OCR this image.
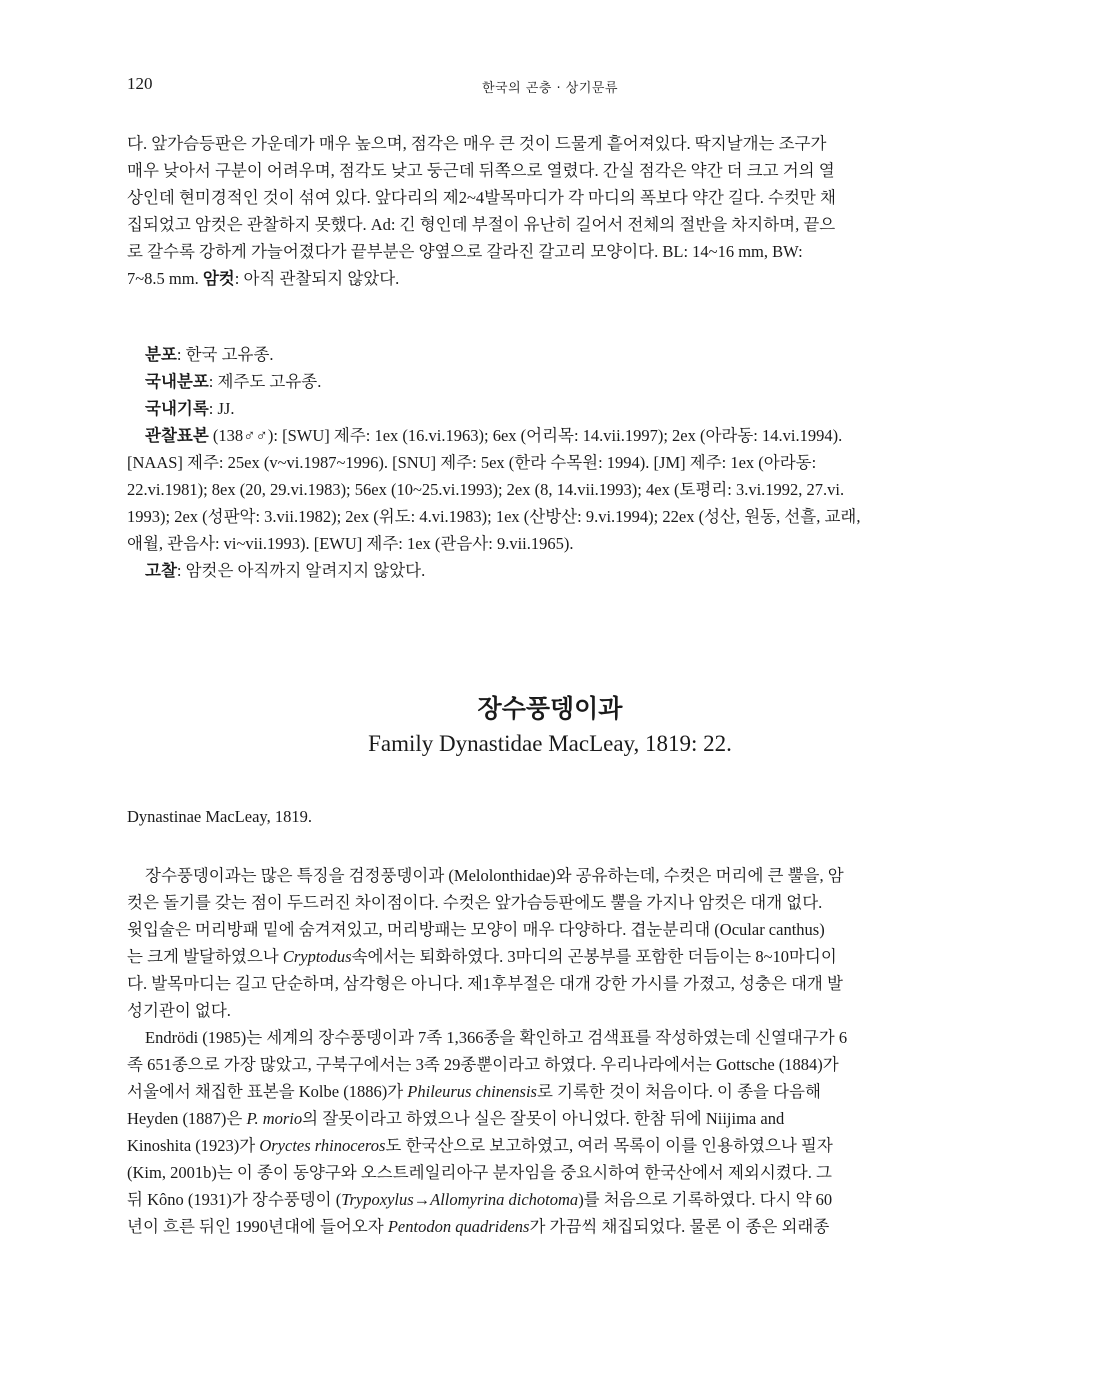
120	한국의 곤충 · 상기문류
다. 앞가슴등판은 가운데가 매우 높으며, 점각은 매우 큰 것이 드물게 흩어져있다. 딱지날개는 조구가
매우 낮아서 구분이 어려우며, 점각도 낮고 둥근데 뒤쪽으로 열렸다. 간실 점각은 약간 더 크고 거의 열
상인데 현미경적인 것이 섞여 있다. 앞다리의 제2~4발목마디가 각 마디의 폭보다 약간 길다. 수컷만 채
집되었고 암컷은 관찰하지 못했다. Ad: 긴 형인데 부절이 유난히 길어서 전체의 절반을 차지하며, 끝으
로 갈수록 강하게 가늘어졌다가 끝부분은 양옆으로 갈라진 갈고리 모양이다. BL: 14~16 mm, BW:
7~8.5 mm. 암컷: 아직 관찰되지 않았다.
분포: 한국 고유종.
국내분포: 제주도 고유종.
국내기록: JJ.
관찰표본 (138♂♂): [SWU] 제주: 1ex (16.vi.1963); 6ex (어리목: 14.vii.1997); 2ex (아라동: 14.vi.1994).
[NAAS] 제주: 25ex (v~vi.1987~1996). [SNU] 제주: 5ex (한라 수목원: 1994). [JM] 제주: 1ex (아라동:
22.vi.1981); 8ex (20, 29.vi.1983); 56ex (10~25.vi.1993); 2ex (8, 14.vii.1993); 4ex (토평리: 3.vi.1992, 27.vi.
1993); 2ex (성판악: 3.vii.1982); 2ex (위도: 4.vi.1983); 1ex (산방산: 9.vi.1994); 22ex (성산, 원동, 선흘, 교래,
애월, 관음사: vi~vii.1993). [EWU] 제주: 1ex (관음사: 9.vii.1965).
고찰: 암컷은 아직까지 알려지지 않았다.
장수풍뎅이과
Family Dynastidae MacLeay, 1819: 22.
Dynastinae MacLeay, 1819.
장수풍뎅이과는 많은 특징을 검정풍뎅이과 (Melolonthidae)와 공유하는데, 수컷은 머리에 큰 뿔을, 암
컷은 돌기를 갖는 점이 두드러진 차이점이다. 수컷은 앞가슴등판에도 뿔을 가지나 암컷은 대개 없다.
윗입술은 머리방패 밑에 숨겨져있고, 머리방패는 모양이 매우 다양하다. 겹눈분리대 (Ocular canthus)
는 크게 발달하였으나 Cryptodus속에서는 퇴화하였다. 3마디의 곤봉부를 포함한 더듬이는 8~10마디이
다. 발목마디는 길고 단순하며, 삼각형은 아니다. 제1후부절은 대개 강한 가시를 가졌고, 성충은 대개 발
성기관이 없다.
Endrödi (1985)는 세계의 장수풍뎅이과 7족 1,366종을 확인하고 검색표를 작성하였는데 신열대구가 6
족 651종으로 가장 많았고, 구북구에서는 3족 29종뿐이라고 하였다. 우리나라에서는 Gottsche (1884)가
서울에서 채집한 표본을 Kolbe (1886)가 Phileurus chinensis로 기록한 것이 처음이다. 이 종을 다음해
Heyden (1887)은 P. morio의 잘못이라고 하였으나 실은 잘못이 아니었다. 한참 뒤에 Niijima and
Kinoshita (1923)가 Oryctes rhinoceros도 한국산으로 보고하였고, 여러 목록이 이를 인용하였으나 필자
(Kim, 2001b)는 이 종이 동양구와 오스트레일리아구 분자임을 중요시하여 한국산에서 제외시켰다. 그
뒤 Kôno (1931)가 장수풍뎅이 (Trypoxylus→Allomyrina dichotoma)를 처음으로 기록하였다. 다시 약 60
년이 흐른 뒤인 1990년대에 들어오자 Pentodon quadridens가 가끔씩 채집되었다. 물론 이 종은 외래종
